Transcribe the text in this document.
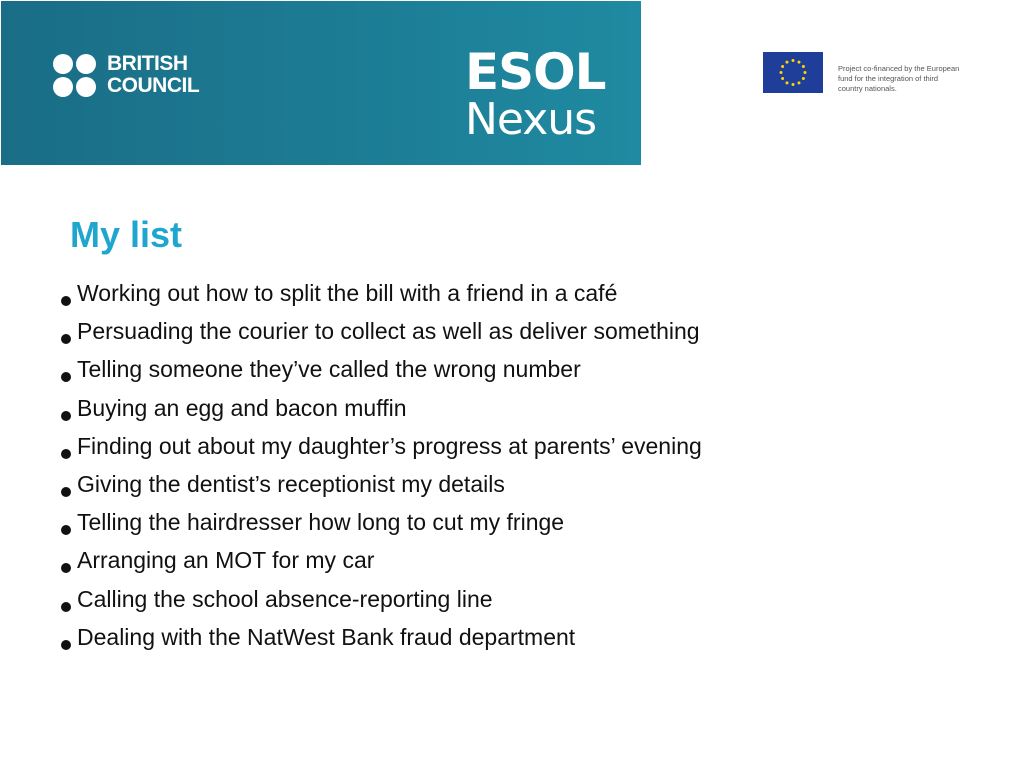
BRITISH
COUNCIL	ESOL
Nexus
Project co-financed by the European
fund for the integration of third
country nationals.
My list
Working out how to split the bill with a friend in a café
Persuading the courier to collect as well as deliver something
Telling someone they’ve called the wrong number
Buying an egg and bacon muffin
Finding out about my daughter’s progress at parents’ evening
Giving the dentist’s receptionist my details
Telling the hairdresser how long to cut my fringe
Arranging an MOT for my car
Calling the school absence-reporting line
Dealing with the NatWest Bank fraud department
